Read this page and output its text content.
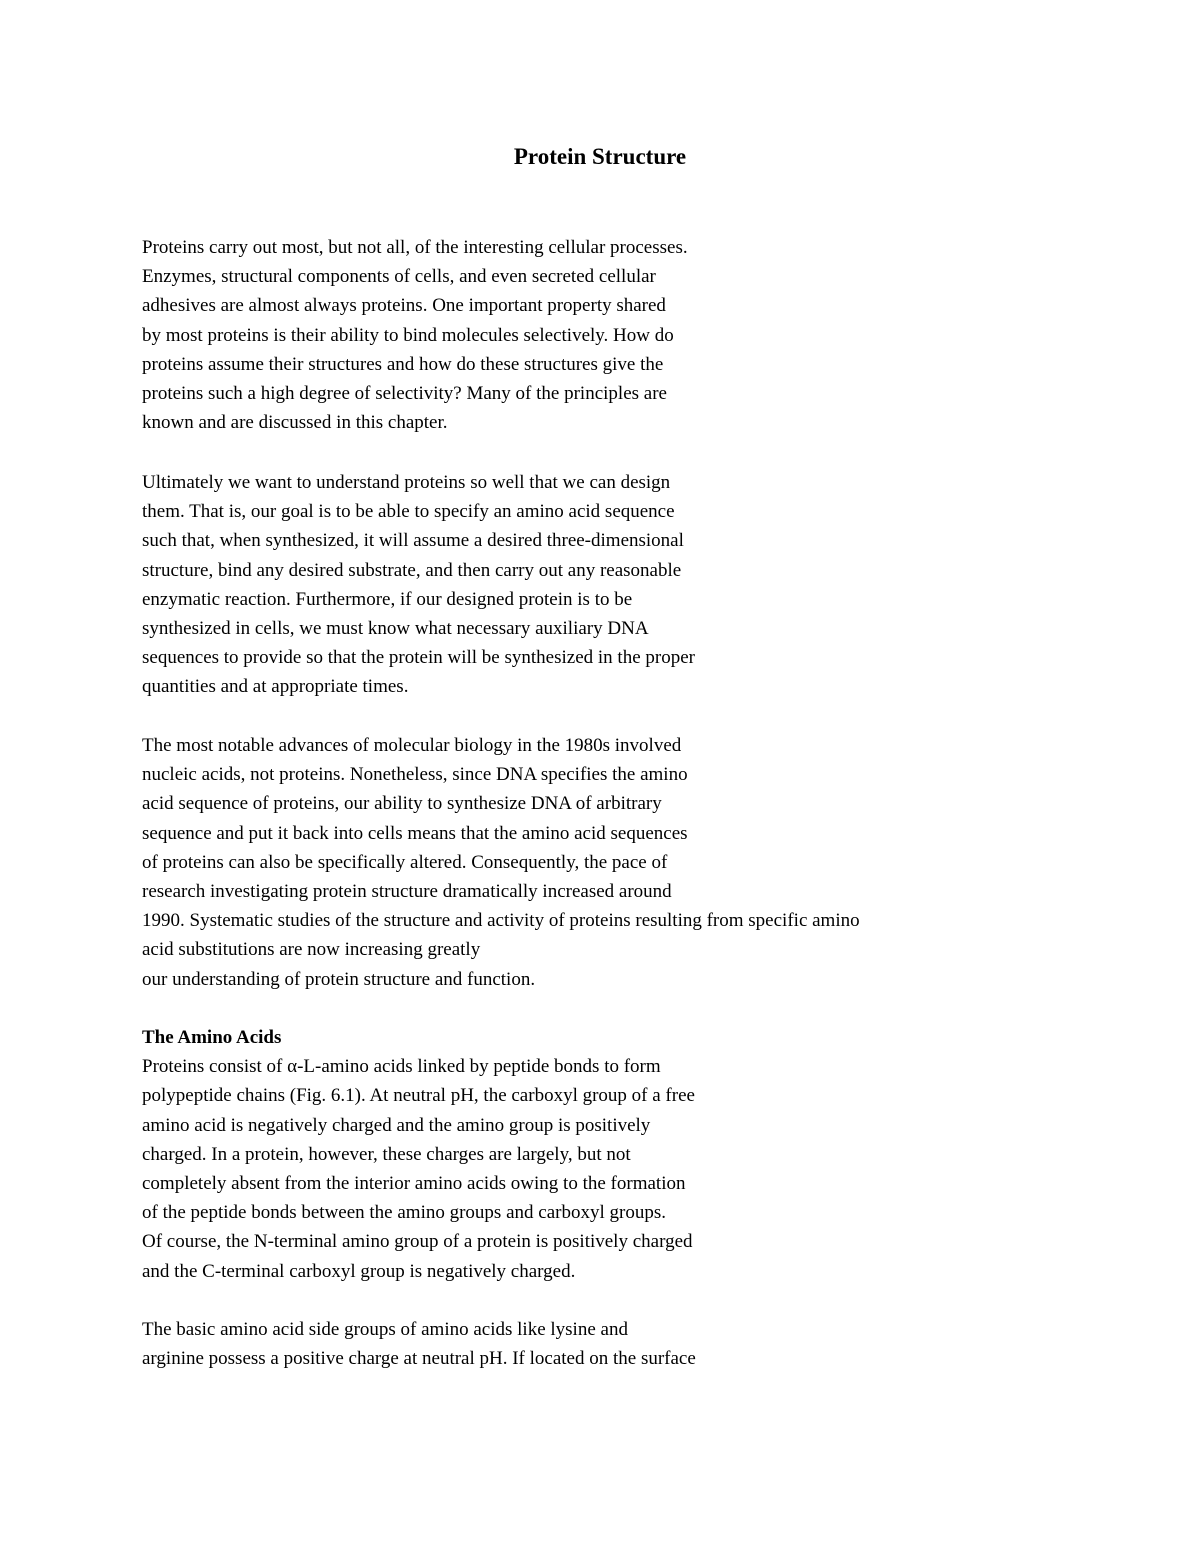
Protein Structure
Proteins carry out most, but not all, of the interesting cellular processes.
Enzymes, structural components of cells, and even secreted cellular
adhesives are almost always proteins. One important property shared
by most proteins is their ability to bind molecules selectively. How do
proteins assume their structures and how do these structures give the
proteins such a high degree of selectivity? Many of the principles are
known and are discussed in this chapter.
Ultimately we want to understand proteins so well that we can design
them. That is, our goal is to be able to specify an amino acid sequence
such that, when synthesized, it will assume a desired three-dimensional
structure, bind any desired substrate, and then carry out any reasonable
enzymatic reaction. Furthermore, if our designed protein is to be
synthesized in cells, we must know what necessary auxiliary DNA
sequences to provide so that the protein will be synthesized in the proper
quantities and at appropriate times.
The most notable advances of molecular biology in the 1980s involved
nucleic acids, not proteins. Nonetheless, since DNA specifies the amino
acid sequence of proteins, our ability to synthesize DNA of arbitrary
sequence and put it back into cells means that the amino acid sequences
of proteins can also be specifically altered. Consequently, the pace of
research investigating protein structure dramatically increased around
1990. Systematic studies of the structure and activity of proteins resulting from specific amino
acid substitutions are now increasing greatly
our understanding of protein structure and function.
The Amino Acids
Proteins consist of α-L-amino acids linked by peptide bonds to form
polypeptide chains (Fig. 6.1). At neutral pH, the carboxyl group of a free
amino acid is negatively charged and the amino group is positively
charged. In a protein, however, these charges are largely, but not
completely absent from the interior amino acids owing to the formation
of the peptide bonds between the amino groups and carboxyl groups.
Of course, the N-terminal amino group of a protein is positively charged
and the C-terminal carboxyl group is negatively charged.
The basic amino acid side groups of amino acids like lysine and
arginine possess a positive charge at neutral pH. If located on the surface
